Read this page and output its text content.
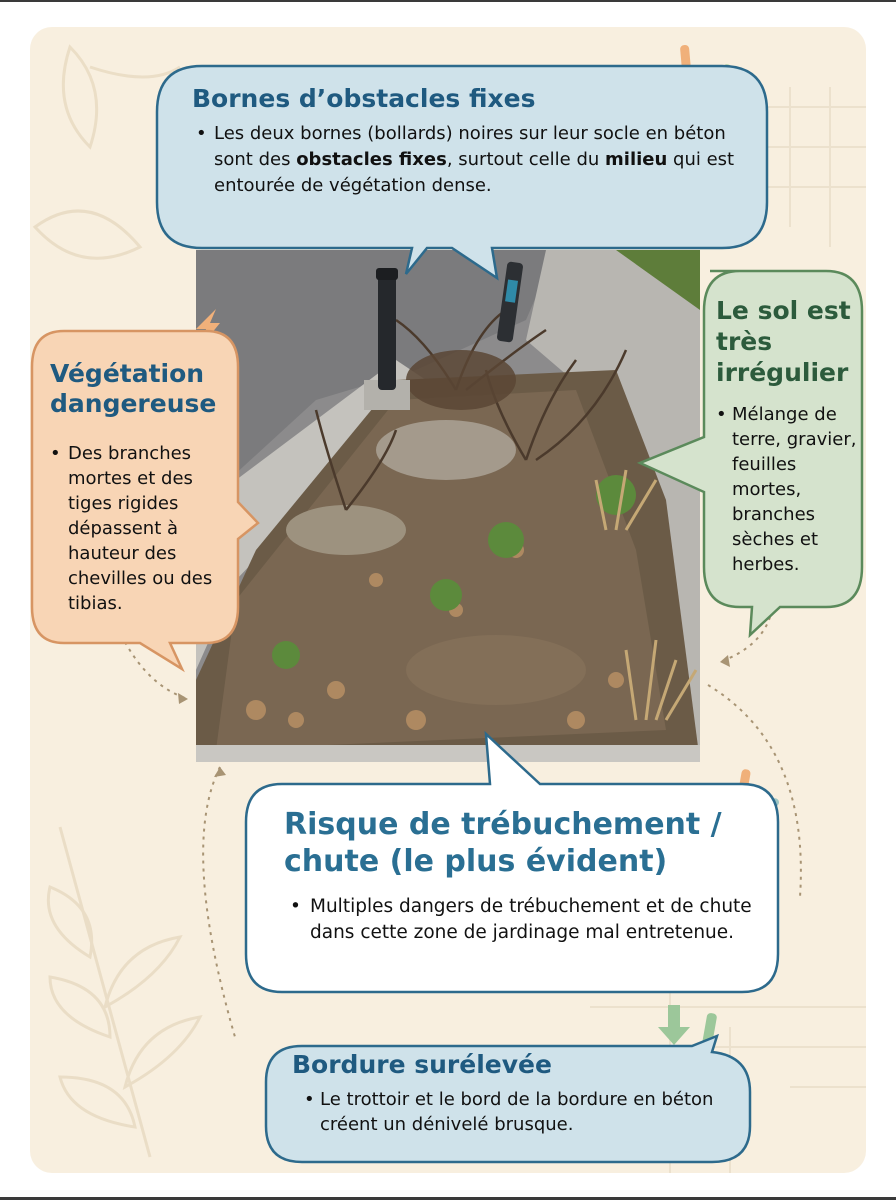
Bornes d’obstacles fixes
• Les deux bornes (bollards) noires sur leur socle en béton sont des obstacles fixes, surtout celle du milieu qui est entourée de végétation dense.
Végétation dangereuse
• Des branches mortes et des tiges rigides dépassent à hauteur des chevilles ou des tibias.
Le sol est très irrégulier
• Mélange de terre, gravier, feuilles mortes, branches sèches et herbes.
Risque de trébuchement / chute (le plus évident)
• Multiples dangers de trébuchement et de chute dans cette zone de jardinage mal entretenue.
Bordure surélevée
• Le trottoir et le bord de la bordure en béton créent un dénivelé brusque.
